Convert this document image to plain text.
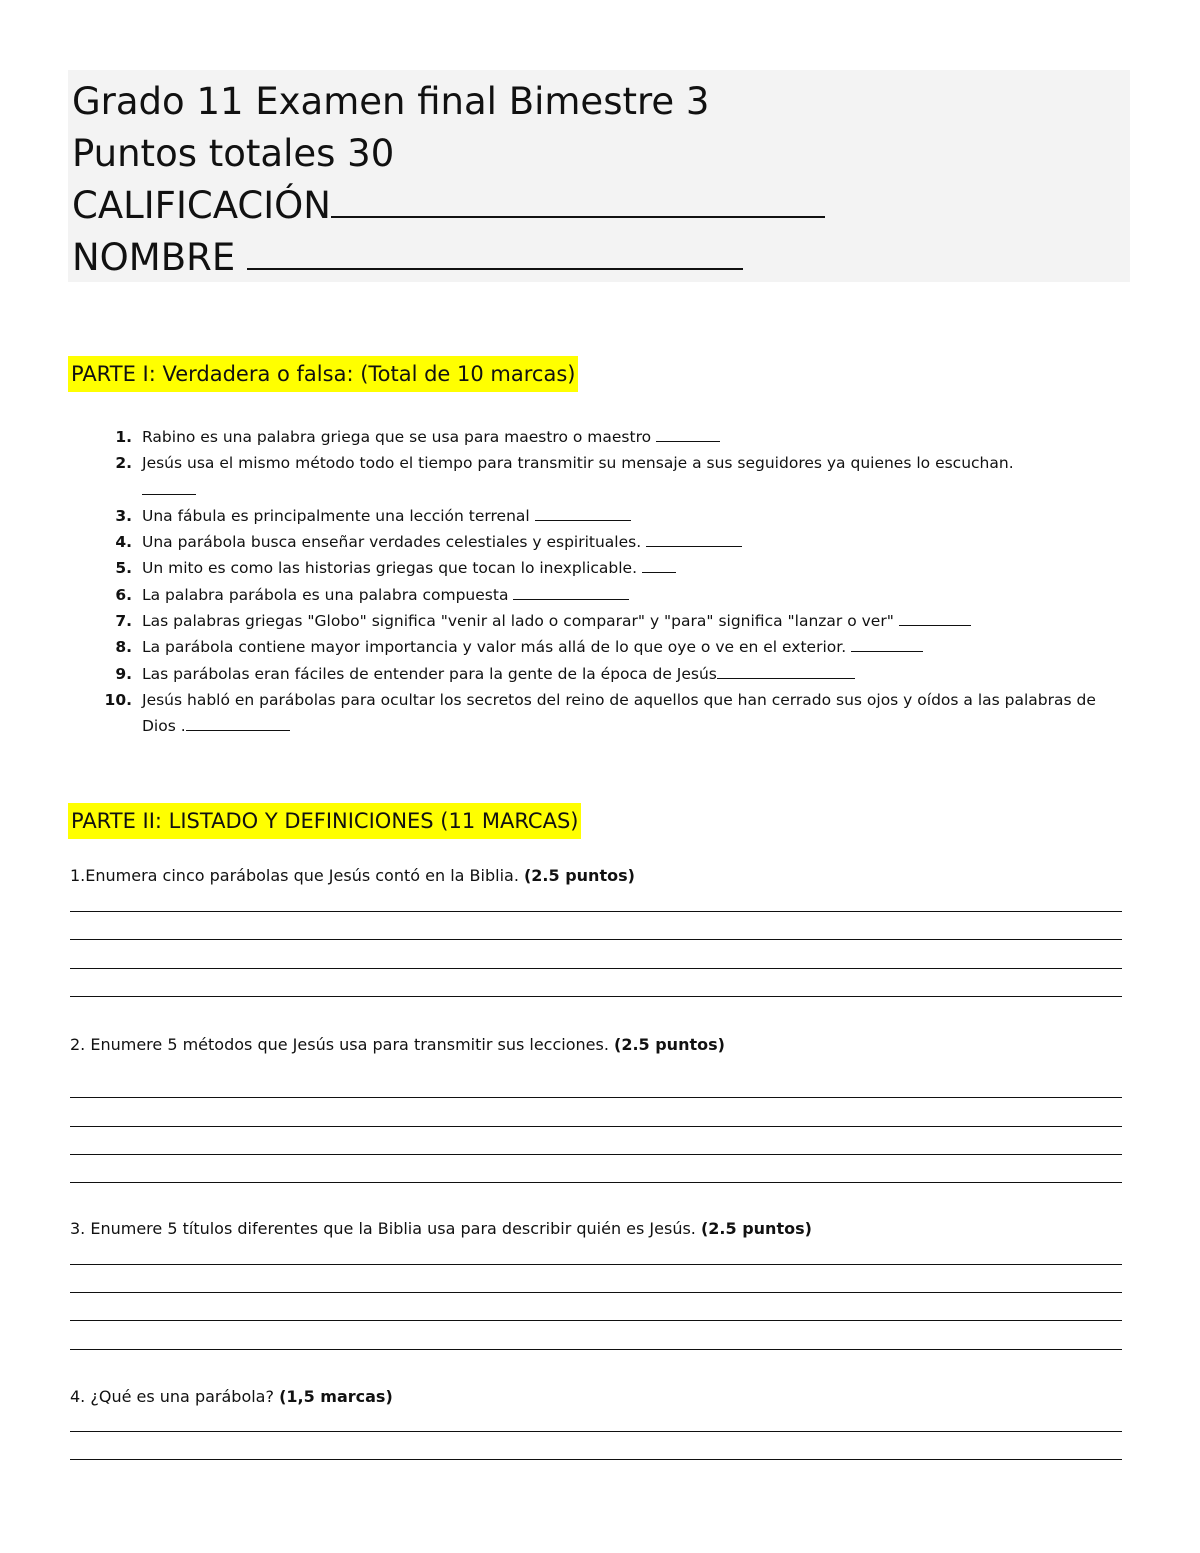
Grado 11 Examen final Bimestre 3
Puntos totales 30
CALIFICACIÓN
NOMBRE
PARTE I: Verdadera o falsa: (Total de 10 marcas)
1. Rabino es una palabra griega que se usa para maestro o maestro
2. Jesús usa el mismo método todo el tiempo para transmitir su mensaje a sus seguidores ya quienes lo escuchan.

3. Una fábula es principalmente una lección terrenal
4. Una parábola busca enseñar verdades celestiales y espirituales.
5. Un mito es como las historias griegas que tocan lo inexplicable.
6. La palabra parábola es una palabra compuesta
7. Las palabras griegas "Globo" significa "venir al lado o comparar" y "para" significa "lanzar o ver"
8. La parábola contiene mayor importancia y valor más allá de lo que oye o ve en el exterior.
9. Las parábolas eran fáciles de entender para la gente de la época de Jesús
10. Jesús habló en parábolas para ocultar los secretos del reino de aquellos que han cerrado sus ojos y oídos a las palabras de Dios .
PARTE II: LISTADO Y DEFINICIONES (11 MARCAS)
1.Enumera cinco parábolas que Jesús contó en la Biblia. (2.5 puntos)
2. Enumere 5 métodos que Jesús usa para transmitir sus lecciones. (2.5 puntos)
3. Enumere 5 títulos diferentes que la Biblia usa para describir quién es Jesús. (2.5 puntos)
4. ¿Qué es una parábola? (1,5 marcas)
